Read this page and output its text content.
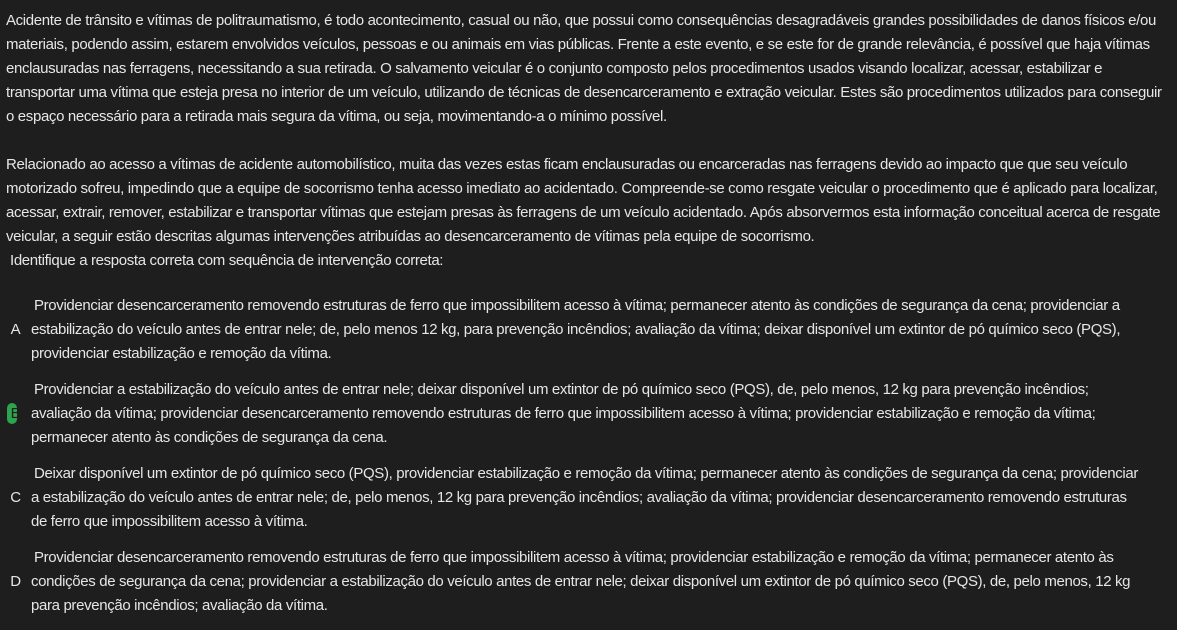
Acidente de trânsito e vítimas de politraumatismo, é todo acontecimento, casual ou não, que possui como consequências desagradáveis grandes possibilidades de danos físicos e/ou materiais, podendo assim, estarem envolvidos veículos, pessoas e ou animais em vias públicas. Frente a este evento, e se este for de grande relevância, é possível que haja vítimas enclausuradas nas ferragens, necessitando a sua retirada. O salvamento veicular é o conjunto composto pelos procedimentos usados visando localizar, acessar, estabilizar e transportar uma vítima que esteja presa no interior de um veículo, utilizando de técnicas de desencarceramento e extração veicular. Estes são procedimentos utilizados para conseguir o espaço necessário para a retirada mais segura da vítima, ou seja, movimentando-a o mínimo possível.

Relacionado ao acesso a vítimas de acidente automobilístico, muita das vezes estas ficam enclausuradas ou encarceradas nas ferragens devido ao impacto que que seu veículo motorizado sofreu, impedindo que a equipe de socorrismo tenha acesso imediato ao acidentado. Compreende-se como resgate veicular o procedimento que é aplicado para localizar, acessar, extrair, remover, estabilizar e transportar vítimas que estejam presas às ferragens de um veículo acidentado. Após absorvermos esta informação conceitual acerca de resgate veicular, a seguir estão descritas algumas intervenções atribuídas ao desencarceramento de vítimas pela equipe de socorrismo.

Identifique a resposta correta com sequência de intervenção correta:

A
Providenciar desencarceramento removendo estruturas de ferro que impossibilitem acesso à vítima; permanecer atento às condições de segurança da cena; providenciar a
estabilização do veículo antes de entrar nele; de, pelo menos 12 kg, para prevenção incêndios; avaliação da vítima; deixar disponível um extintor de pó químico seco (PQS),
providenciar estabilização e remoção da vítima.
B
Providenciar a estabilização do veículo antes de entrar nele; deixar disponível um extintor de pó químico seco (PQS), de, pelo menos, 12 kg para prevenção incêndios;
avaliação da vítima; providenciar desencarceramento removendo estruturas de ferro que impossibilitem acesso à vítima; providenciar estabilização e remoção da vítima;
permanecer atento às condições de segurança da cena.
C
Deixar disponível um extintor de pó químico seco (PQS), providenciar estabilização e remoção da vítima; permanecer atento às condições de segurança da cena; providenciar
a estabilização do veículo antes de entrar nele; de, pelo menos, 12 kg para prevenção incêndios; avaliação da vítima; providenciar desencarceramento removendo estruturas
de ferro que impossibilitem acesso à vítima.
D
Providenciar desencarceramento removendo estruturas de ferro que impossibilitem acesso à vítima; providenciar estabilização e remoção da vítima; permanecer atento às
condições de segurança da cena; providenciar a estabilização do veículo antes de entrar nele; deixar disponível um extintor de pó químico seco (PQS), de, pelo menos, 12 kg
para prevenção incêndios; avaliação da vítima.
